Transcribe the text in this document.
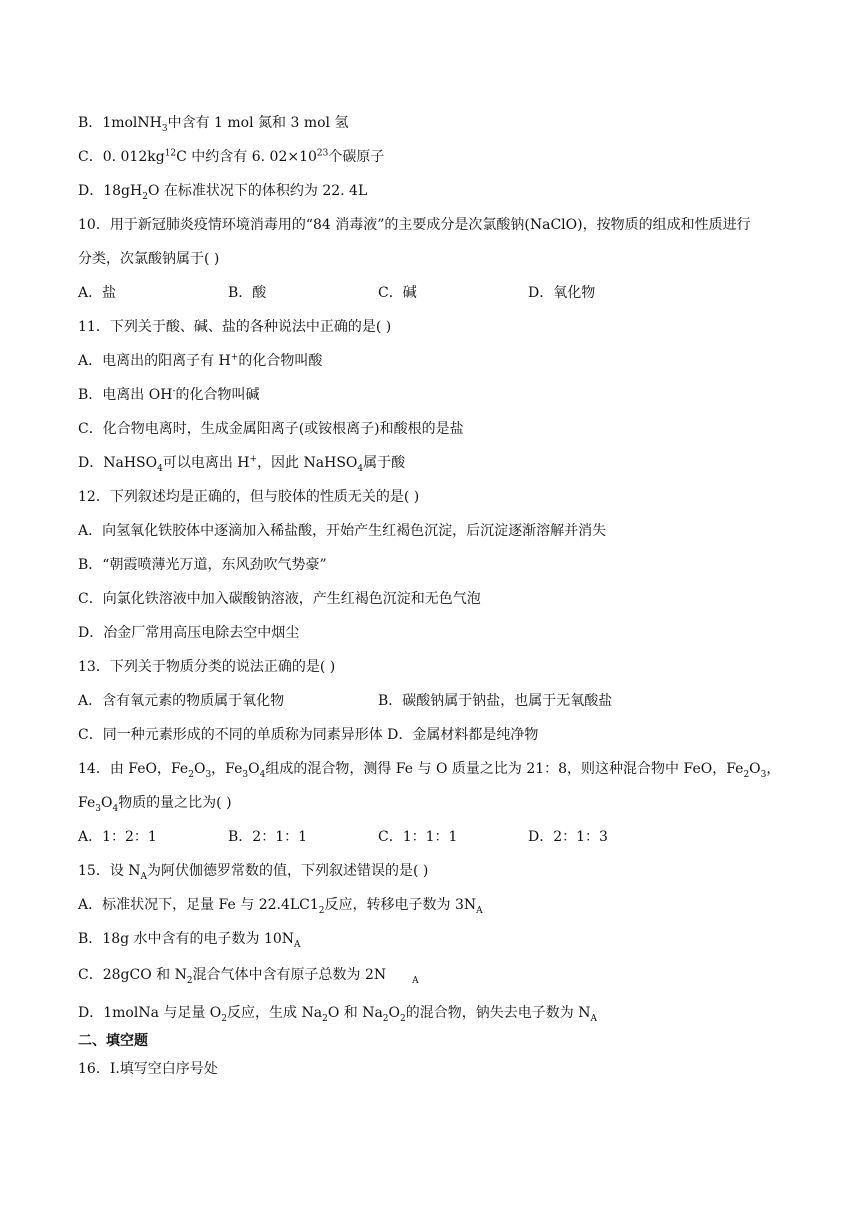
B．1molNH$_3$中含有 1 mol 氮和 3 mol 氢
C．0. $012kg^{12}C$ 中约含有 6. $02\times 10^{23}$个碳原子
D．$18gH_2O$ 在标准状况下的体积约为 22. 4L
10．用于新冠肺炎疫情环境消毒用的“84 消毒液”的主要成分是次氯酸钠(NaClO)，按物质的组成和性质进行
分类，次氯酸钠属于( )
A．盐	B．酸	C．碱	D．氧化物
11．下列关于酸、碱、盐的各种说法中正确的是( )
A．电离出的阳离子有 H+的化合物叫酸
B．电离出 OH-的化合物叫碱
C．化合物电离时，生成金属阳离子(或铵根离子)和酸根的是盐
D．NaHSO$_4$可以电离出 H+，因此 NaHSO$_4$属于酸
12．下列叙述均是正确的，但与胶体的性质无关的是( )
A．向氢氧化铁胶体中逐滴加入稀盐酸，开始产生红褐色沉淀，后沉淀逐渐溶解并消失
B．“朝霞喷薄光万道，东风劲吹气势豪”
C．向氯化铁溶液中加入碳酸钠溶液，产生红褐色沉淀和无色气泡
D．冶金厂常用高压电除去空中烟尘
13．下列关于物质分类的说法正确的是( )
A．含有氧元素的物质属于氧化物	B．碳酸钠属于钠盐，也属于无氧酸盐
C．同一种元素形成的不同的单质称为同素异形体 D．金属材料都是纯净物
14．由 FeO，$Fe_2O_3$，$Fe_3O_4$组成的混合物，测得 Fe 与 O 质量之比为 21：8，则这种混合物中 FeO，$Fe_2O_3$，
$Fe_3O_4$物质的量之比为( )
A．1：2：1	B．2：1：1	C．1：1：1	D．2：1：3
15．设 $N_A$为阿伏伽德罗常数的值，下列叙述错误的是( )
A．标准状况下，足量 Fe 与 $22.4LC1_2$反应，转移电子数为 $3N_A$
B．18g 水中含有的电子数为 $10N_A$
C．28gCO 和 $N_2$混合气体中含有原子总数为 2N	$_A$
D．1molNa 与足量 $O_2$反应，生成 $Na_2O$ 和 $Na_2O_2$的混合物，钠失去电子数为 $N_A$
二、填空题
16．I.填写空白序号处
